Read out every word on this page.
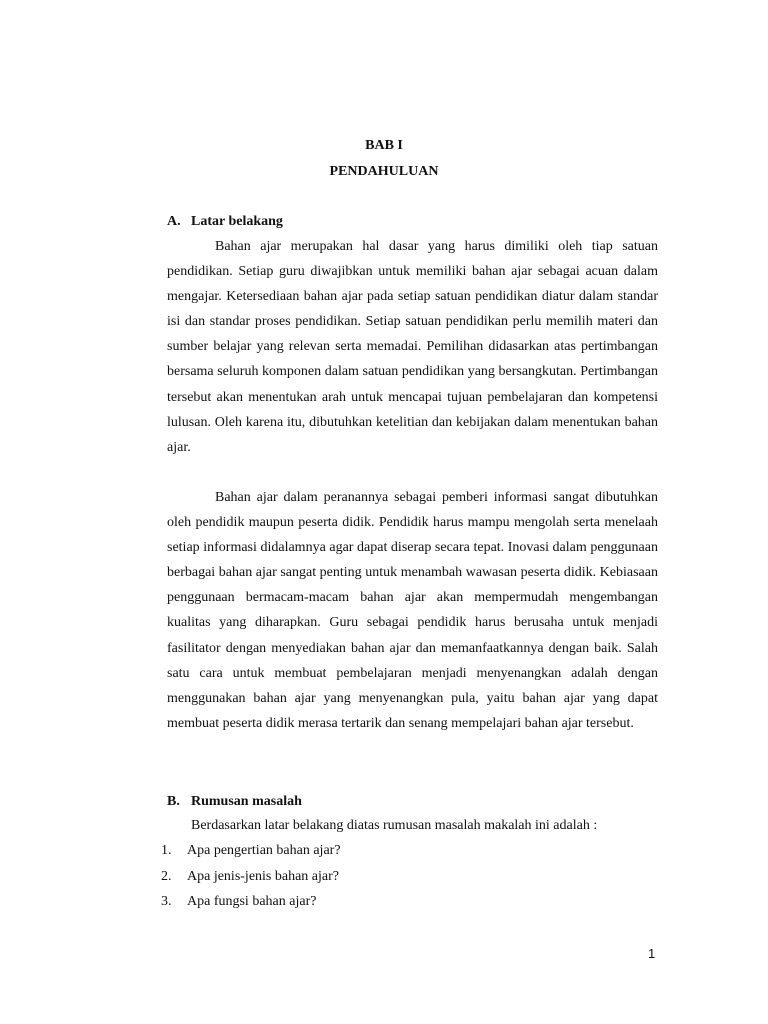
BAB I
PENDAHULUAN
A. Latar belakang

Bahan ajar merupakan hal dasar yang harus dimiliki oleh tiap satuan pendidikan. Setiap guru diwajibkan untuk memiliki bahan ajar sebagai acuan dalam mengajar. Ketersediaan bahan ajar pada setiap satuan pendidikan diatur dalam standar isi dan standar proses pendidikan. Setiap satuan pendidikan perlu memilih materi dan sumber belajar yang relevan serta memadai. Pemilihan didasarkan atas pertimbangan bersama seluruh komponen dalam satuan pendidikan yang bersangkutan. Pertimbangan tersebut akan menentukan arah untuk mencapai tujuan pembelajaran dan kompetensi lulusan. Oleh karena itu, dibutuhkan ketelitian dan kebijakan dalam menentukan bahan ajar.

Bahan ajar dalam peranannya sebagai pemberi informasi sangat dibutuhkan oleh pendidik maupun peserta didik. Pendidik harus mampu mengolah serta menelaah setiap informasi didalamnya agar dapat diserap secara tepat. Inovasi dalam penggunaan berbagai bahan ajar sangat penting untuk menambah wawasan peserta didik. Kebiasaan penggunaan bermacam-macam bahan ajar akan mempermudah mengembangan kualitas yang diharapkan. Guru sebagai pendidik harus berusaha untuk menjadi fasilitator dengan menyediakan bahan ajar dan memanfaatkannya dengan baik. Salah satu cara untuk membuat pembelajaran menjadi menyenangkan adalah dengan menggunakan bahan ajar yang menyenangkan pula, yaitu bahan ajar yang dapat membuat peserta didik merasa tertarik dan senang mempelajari bahan ajar tersebut.

B. Rumusan masalah
Berdasarkan latar belakang diatas rumusan masalah makalah ini adalah :
1. Apa pengertian bahan ajar?
2. Apa jenis-jenis bahan ajar?
3. Apa fungsi bahan ajar?
1
